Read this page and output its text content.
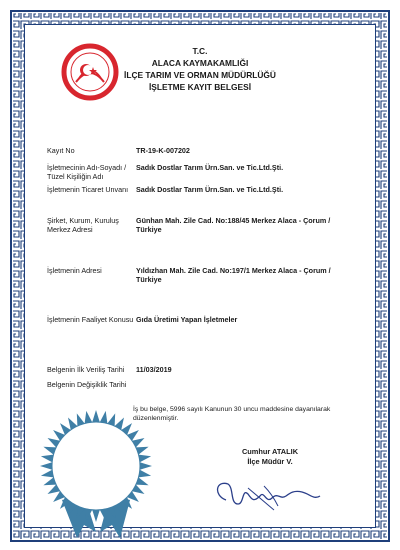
T.C.
ALACA KAYMAKAMLIĞI
İLÇE TARIM VE ORMAN MÜDÜRLÜĞÜ
İŞLETME KAYIT BELGESİ
Kayıt No	TR-19-K-007202
İşletmecinin Adı-Soyadı / Tüzel Kişiliğin Adı
Sadık Dostlar Tarım Ürn.San. ve Tic.Ltd.Şti.
İşletmenin Ticaret Unvanı Sadık Dostlar Tarım Ürn.San. ve Tic.Ltd.Şti.
Şirket, Kurum, Kuruluş Merkez Adresi
Günhan Mah. Zile Cad. No:188/45 Merkez Alaca - Çorum / Türkiye
İşletmenin Adresi	Yıldızhan Mah. Zile Cad. No:197/1 Merkez Alaca - Çorum / Türkiye
İşletmenin Faaliyet Konusu Gıda Üretimi Yapan İşletmeler
Belgenin İlk Veriliş Tarihi 11/03/2019
Belgenin Değişiklik Tarihi
İş bu belge, 5996 sayılı Kanunun 30 uncu maddesine dayanılarak düzenlenmiştir.
Cumhur ATALIK
İlçe Müdür V.
